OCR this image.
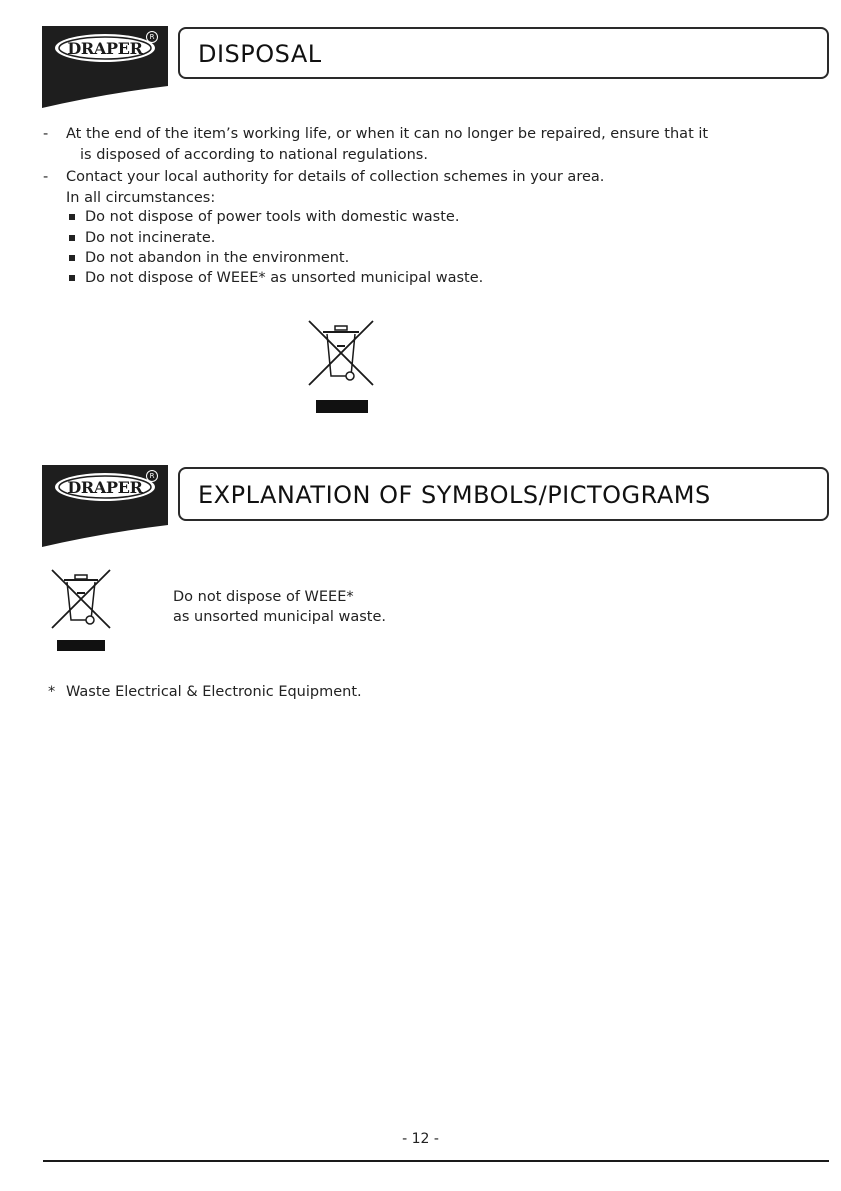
DRAPER
R
DISPOSAL
- At the end of the item’s working life, or when it can no longer be repaired, ensure that it
is disposed of according to national regulations.
- Contact your local authority for details of collection schemes in your area.
In all circumstances:
Do not dispose of power tools with domestic waste.
Do not incinerate.
Do not abandon in the environment.
Do not dispose of WEEE* as unsorted municipal waste.
DRAPER
R
EXPLANATION OF SYMBOLS/PICTOGRAMS
Do not dispose of WEEE*
as unsorted municipal waste.
* Waste Electrical & Electronic Equipment.
- 12 -
